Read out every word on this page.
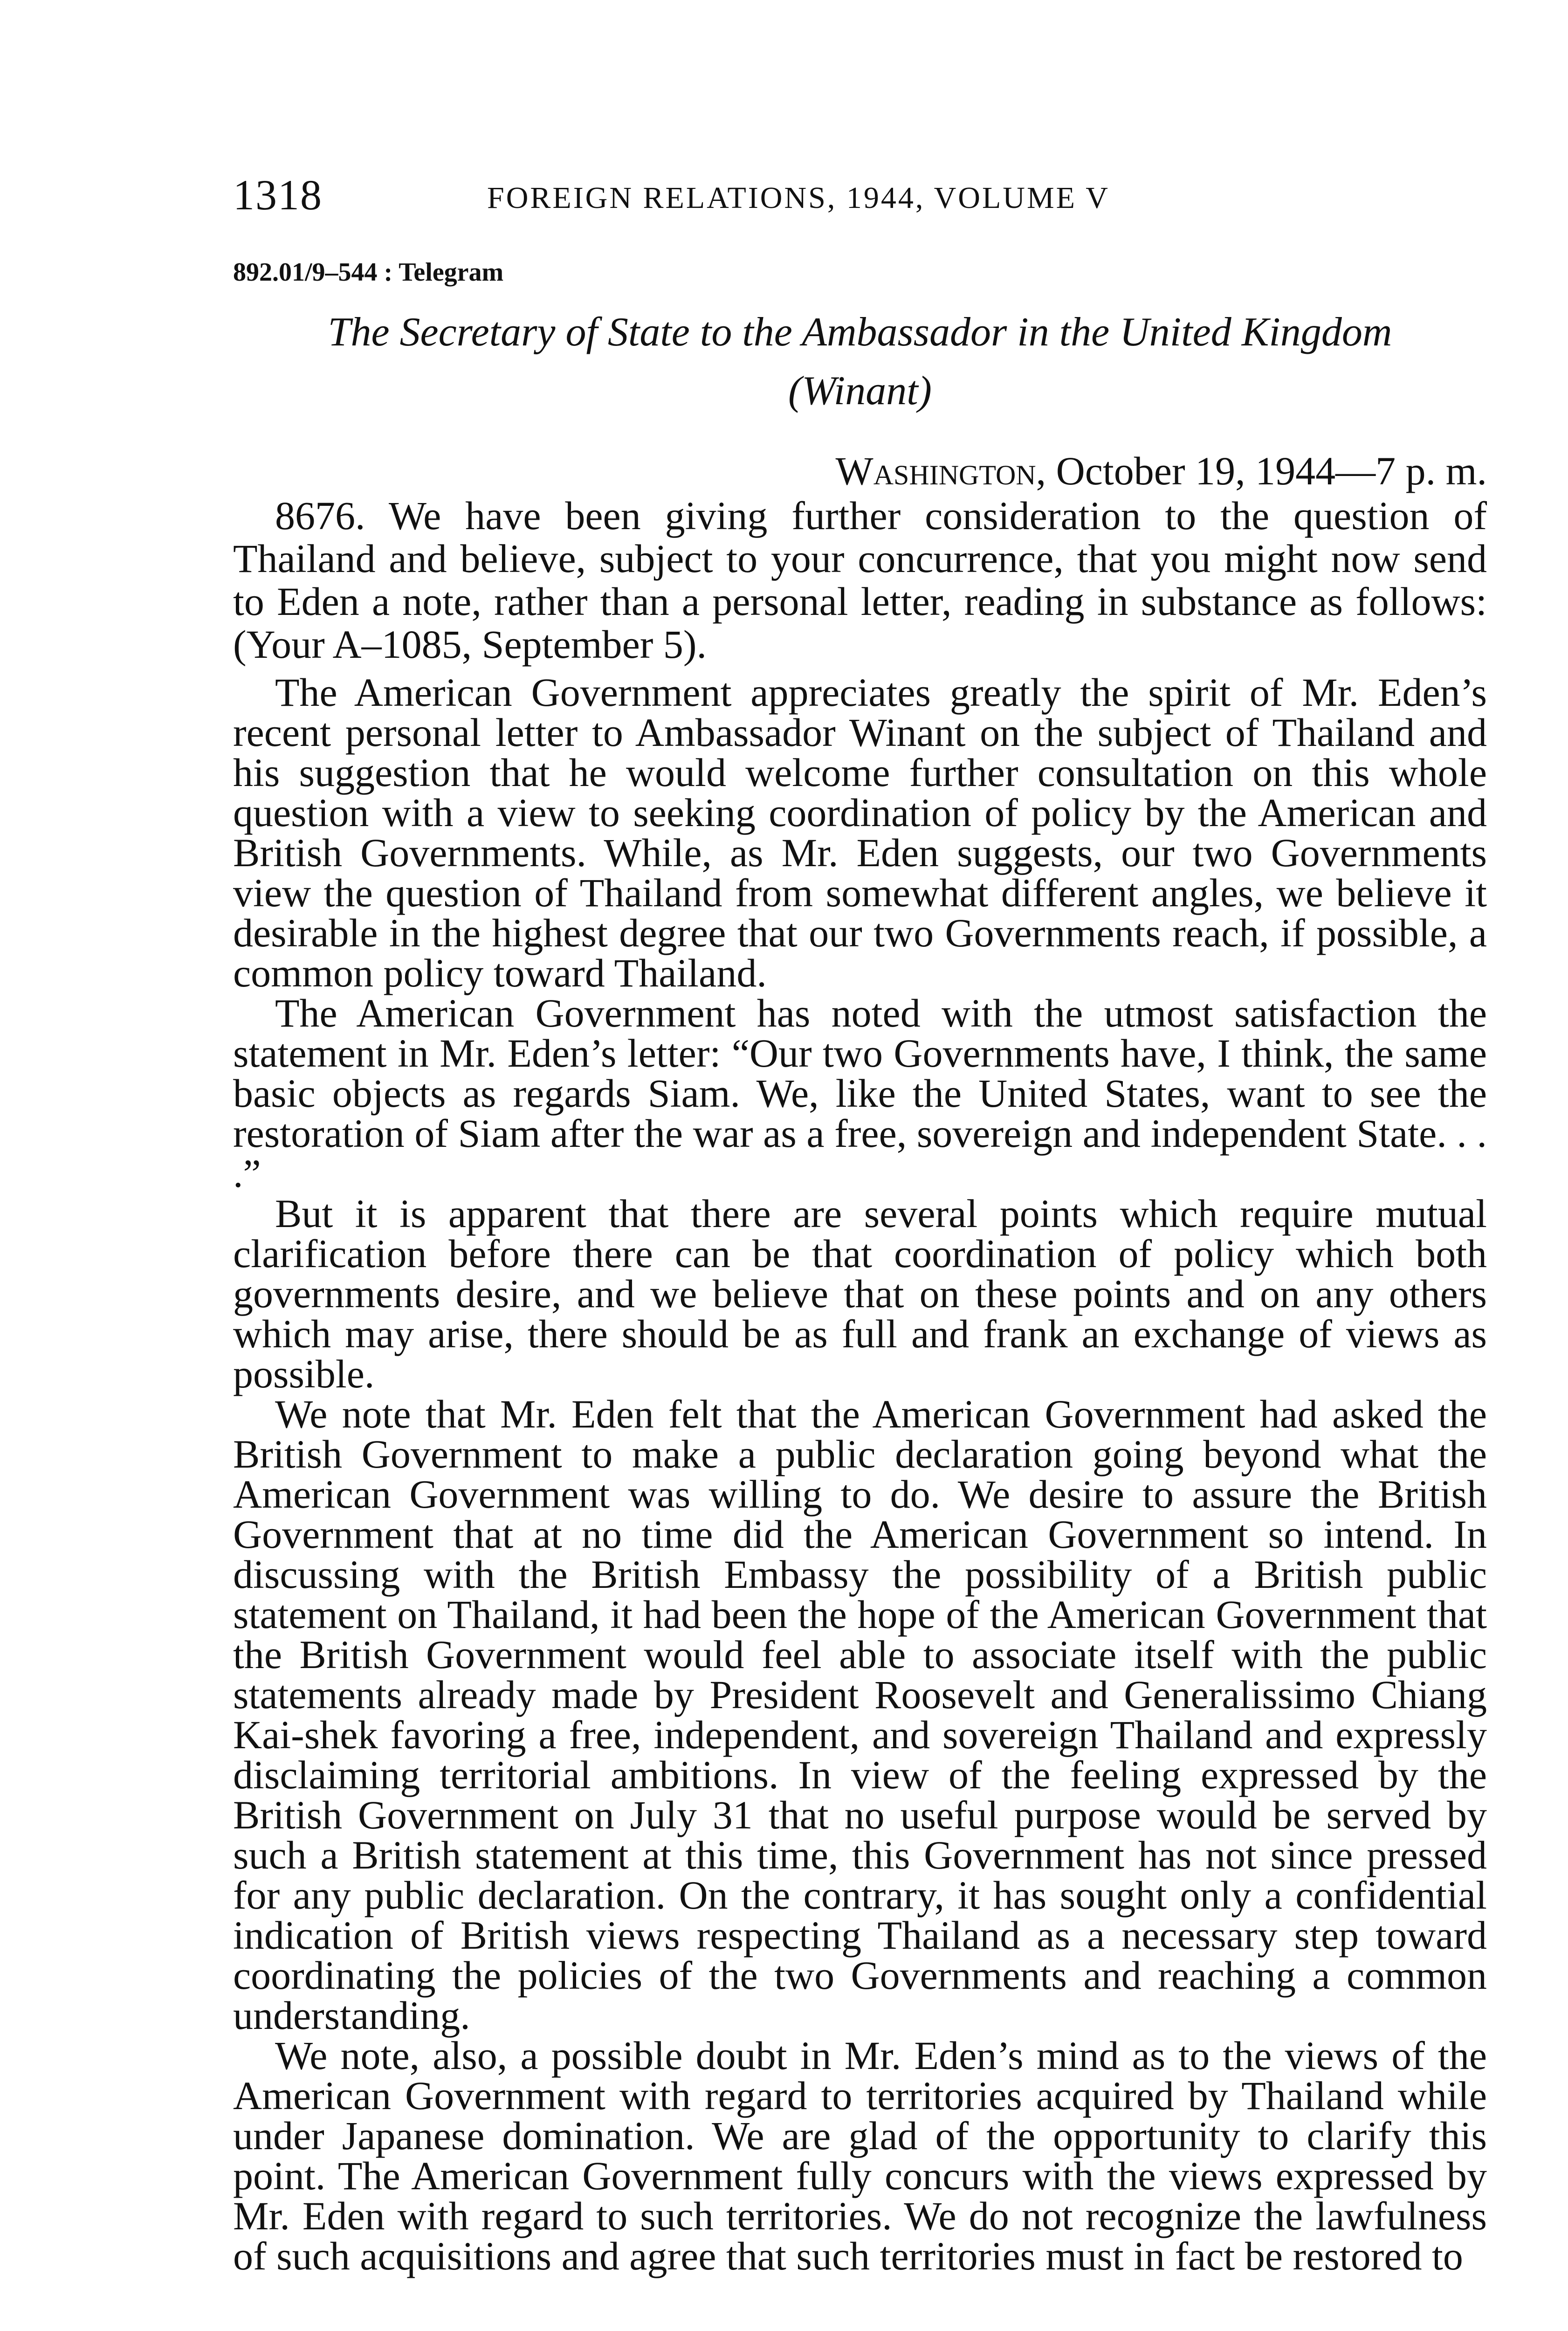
1318	FOREIGN RELATIONS, 1944, VOLUME V
892.01/9–544 : Telegram
The Secretary of State to the Ambassador in the United Kingdom
(Winant)
Washington, October 19, 1944—7 p. m.

8676. We have been giving further consideration to the question of Thailand and believe, subject to your concurrence, that you might now send to Eden a note, rather than a personal letter, reading in substance as follows: (Your A–1085, September 5).

The American Government appreciates greatly the spirit of Mr. Eden’s recent personal letter to Ambassador Winant on the subject of Thailand and his suggestion that he would welcome further consultation on this whole question with a view to seeking coordination of policy by the American and British Governments. While, as Mr. Eden suggests, our two Governments view the question of Thailand from somewhat different angles, we believe it desirable in the highest degree that our two Governments reach, if possible, a common policy toward Thailand.

The American Government has noted with the utmost satisfaction the statement in Mr. Eden’s letter: “Our two Governments have, I think, the same basic objects as regards Siam. We, like the United States, want to see the restoration of Siam after the war as a free, sovereign and independent State. . . .”

But it is apparent that there are several points which require mutual clarification before there can be that coordination of policy which both governments desire, and we believe that on these points and on any others which may arise, there should be as full and frank an exchange of views as possible.

We note that Mr. Eden felt that the American Government had asked the British Government to make a public declaration going beyond what the American Government was willing to do. We desire to assure the British Government that at no time did the American Government so intend. In discussing with the British Embassy the possibility of a British public statement on Thailand, it had been the hope of the American Government that the British Government would feel able to associate itself with the public statements already made by President Roosevelt and Generalissimo Chiang Kai-shek favoring a free, independent, and sovereign Thailand and expressly disclaiming territorial ambitions. In view of the feeling expressed by the British Government on July 31 that no useful purpose would be served by such a British statement at this time, this Government has not since pressed for any public declaration. On the contrary, it has sought only a confidential indication of British views respecting Thailand as a necessary step toward coordinating the policies of the two Governments and reaching a common understanding.

We note, also, a possible doubt in Mr. Eden’s mind as to the views of the American Government with regard to territories acquired by Thailand while under Japanese domination. We are glad of the opportunity to clarify this point. The American Government fully concurs with the views expressed by Mr. Eden with regard to such territories. We do not recognize the lawfulness of such acquisitions and agree that such territories must in fact be restored to
